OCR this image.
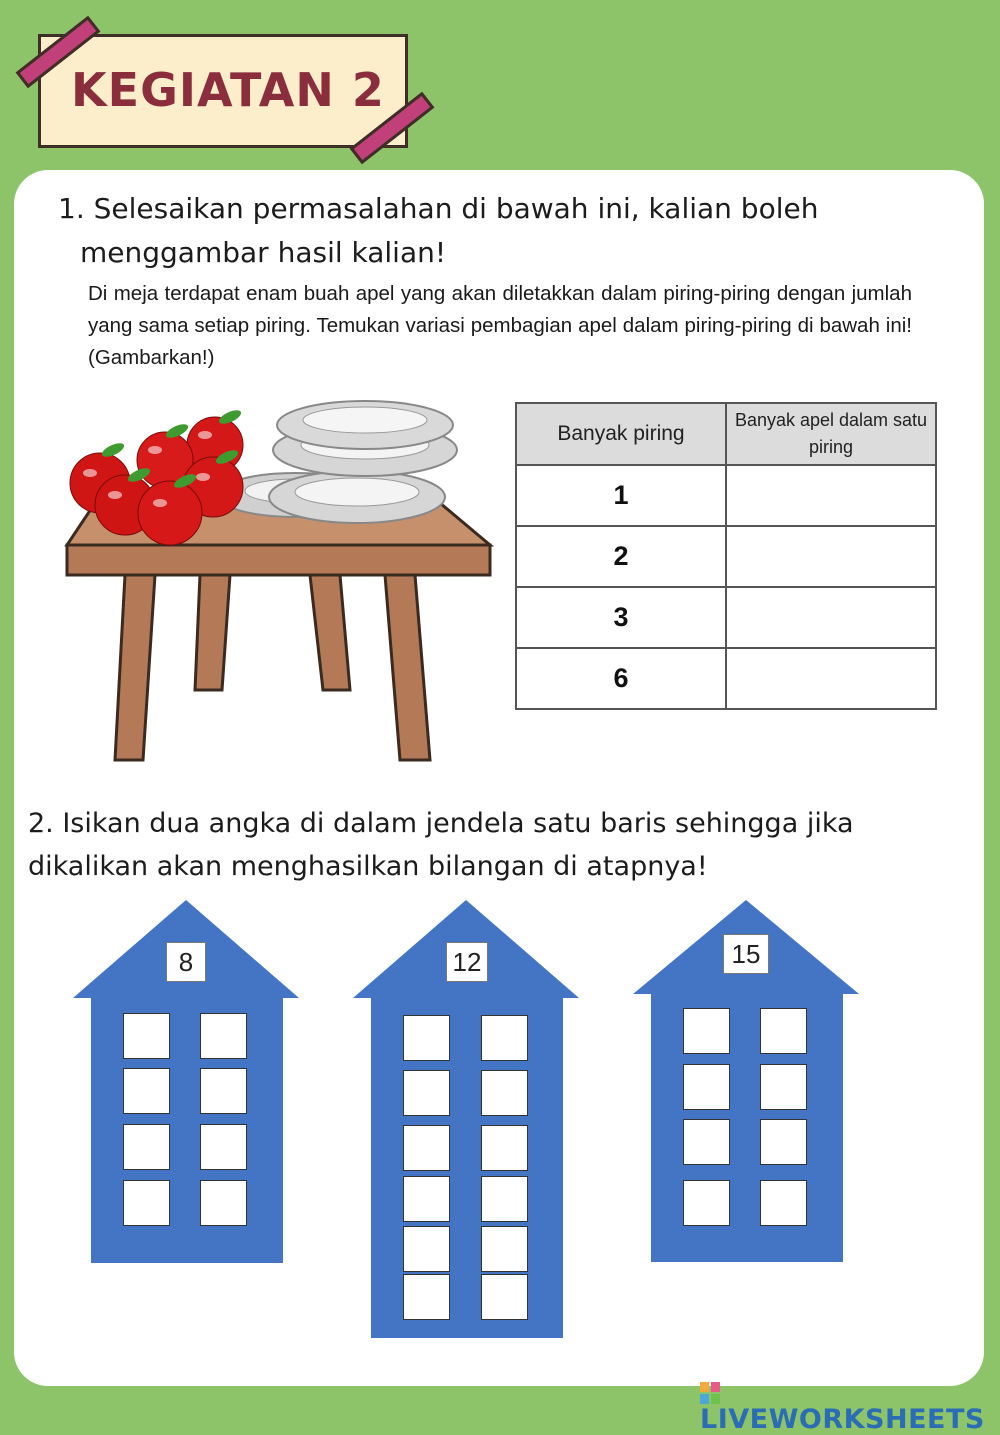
KEGIATAN 2
1. Selesaikan permasalahan di bawah ini, kalian boleh
menggambar hasil kalian!
Di meja terdapat enam buah apel yang akan diletakkan dalam piring-piring dengan jumlah yang sama setiap piring. Temukan variasi pembagian apel dalam piring-piring di bawah ini! (Gambarkan!)
Banyak piring	Banyak apel dalam satu piring
1	
2	
3	
6	
2. Isikan dua angka di dalam jendela satu baris sehingga jika
dikalikan akan menghasilkan bilangan di atapnya!
8	12	15
LIVEWORKSHEETS
